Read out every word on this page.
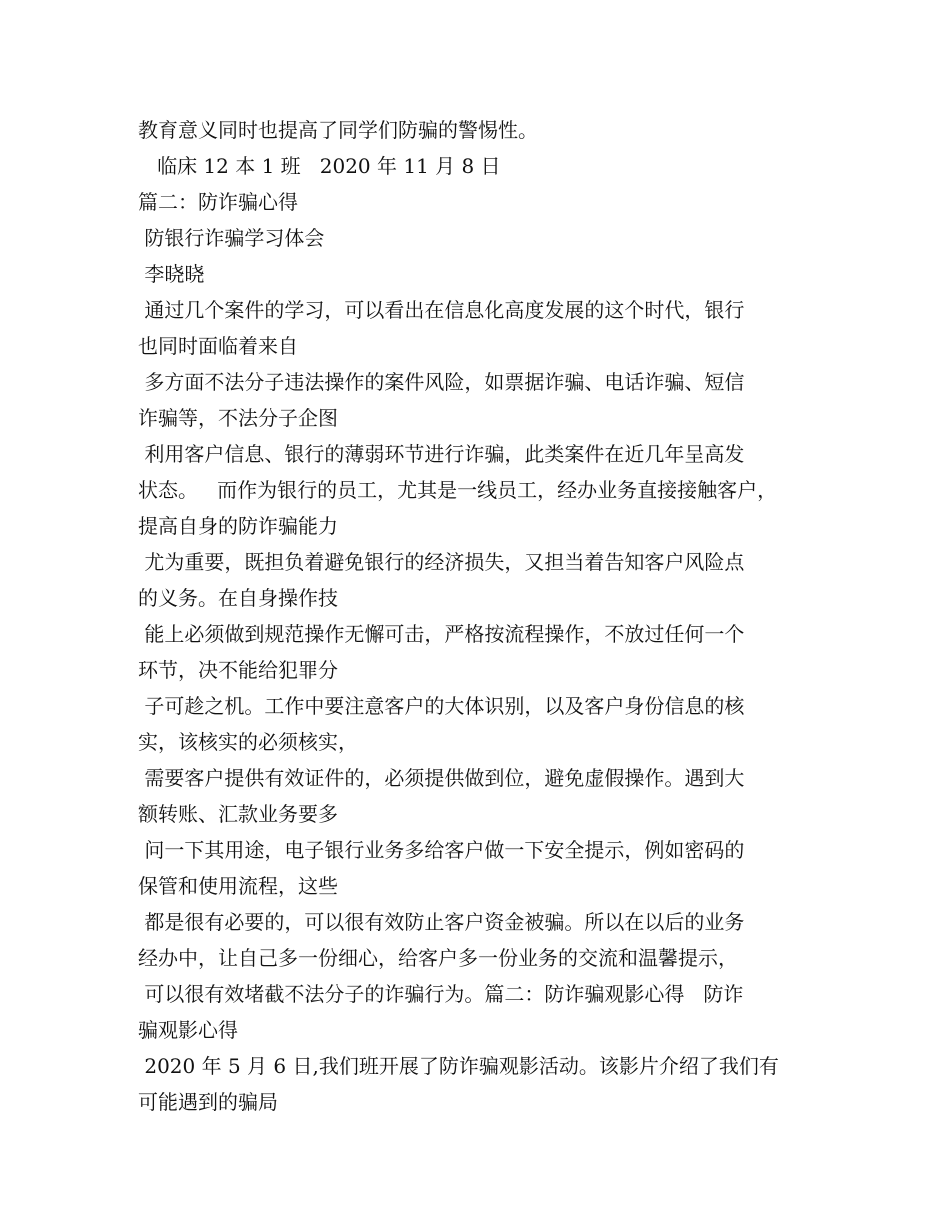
教育意义同时也提高了同学们防骗的警惕性。
临床 12 本 1 班   2020 年 11 月 8 日
篇二：防诈骗心得
防银行诈骗学习体会
李晓晓
通过几个案件的学习，可以看出在信息化高度发展的这个时代，银行
也同时面临着来自
多方面不法分子违法操作的案件风险，如票据诈骗、电话诈骗、短信
诈骗等，不法分子企图
利用客户信息、银行的薄弱环节进行诈骗，此类案件在近几年呈高发
状态。   而作为银行的员工，尤其是一线员工，经办业务直接接触客户，
提高自身的防诈骗能力
尤为重要，既担负着避免银行的经济损失，又担当着告知客户风险点
的义务。在自身操作技
能上必须做到规范操作无懈可击，严格按流程操作，不放过任何一个
环节，决不能给犯罪分
子可趁之机。工作中要注意客户的大体识别，以及客户身份信息的核
实，该核实的必须核实，
需要客户提供有效证件的，必须提供做到位，避免虚假操作。遇到大
额转账、汇款业务要多
问一下其用途，电子银行业务多给客户做一下安全提示，例如密码的
保管和使用流程，这些
都是很有必要的，可以很有效防止客户资金被骗。所以在以后的业务
经办中，让自己多一份细心，给客户多一份业务的交流和温馨提示，
可以很有效堵截不法分子的诈骗行为。篇二：防诈骗观影心得   防诈
骗观影心得
2020 年 5 月 6 日,我们班开展了防诈骗观影活动。该影片介绍了我们有
可能遇到的骗局
